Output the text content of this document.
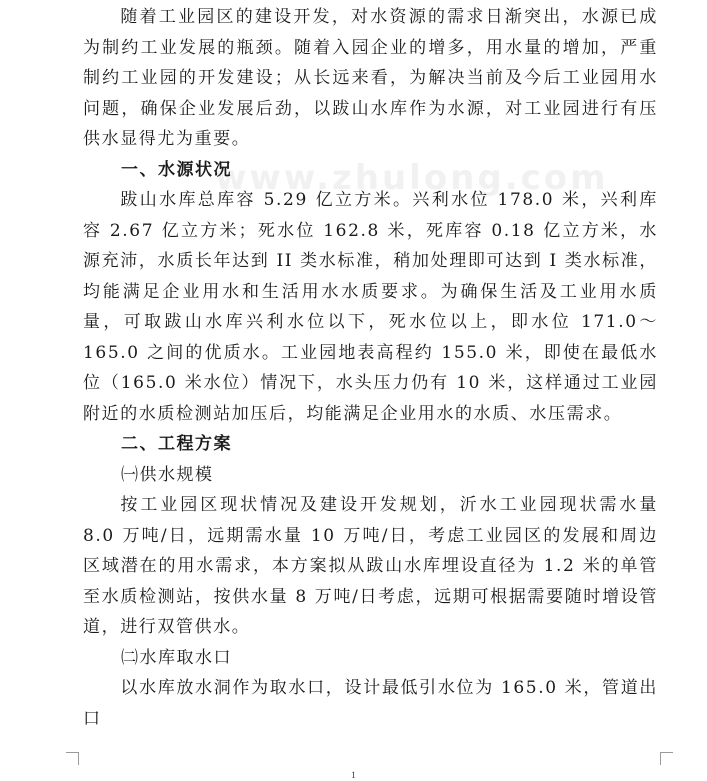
www.zhulong.com

随着工业园区的建设开发，对水资源的需求日渐突出，水源已成为制约工业发展的瓶颈。随着入园企业的增多，用水量的增加，严重制约工业园的开发建设；从长远来看，为解决当前及今后工业园用水问题，确保企业发展后劲，以跋山水库作为水源，对工业园进行有压供水显得尤为重要。

一、水源状况

跋山水库总库容 5.29 亿立方米。兴利水位 178.0 米，兴利库容 2.67 亿立方米；死水位 162.8 米，死库容 0.18 亿立方米，水源充沛，水质长年达到 II 类水标准，稍加处理即可达到 I 类水标准，均能满足企业用水和生活用水水质要求。为确保生活及工业用水质量，可取跋山水库兴利水位以下，死水位以上，即水位 171.0～165.0 之间的优质水。工业园地表高程约 155.0 米，即使在最低水位（165.0 米水位）情况下，水头压力仍有 10 米，这样通过工业园附近的水质检测站加压后，均能满足企业用水的水质、水压需求。

二、工程方案

㈠供水规模

按工业园区现状情况及建设开发规划，沂水工业园现状需水量 8.0 万吨/日，远期需水量 10 万吨/日，考虑工业园区的发展和周边区域潜在的用水需求，本方案拟从跋山水库埋设直径为 1.2 米的单管至水质检测站，按供水量 8 万吨/日考虑，远期可根据需要随时增设管道，进行双管供水。

㈡水库取水口

以水库放水洞作为取水口，设计最低引水位为 165.0 米，管道出口

1
